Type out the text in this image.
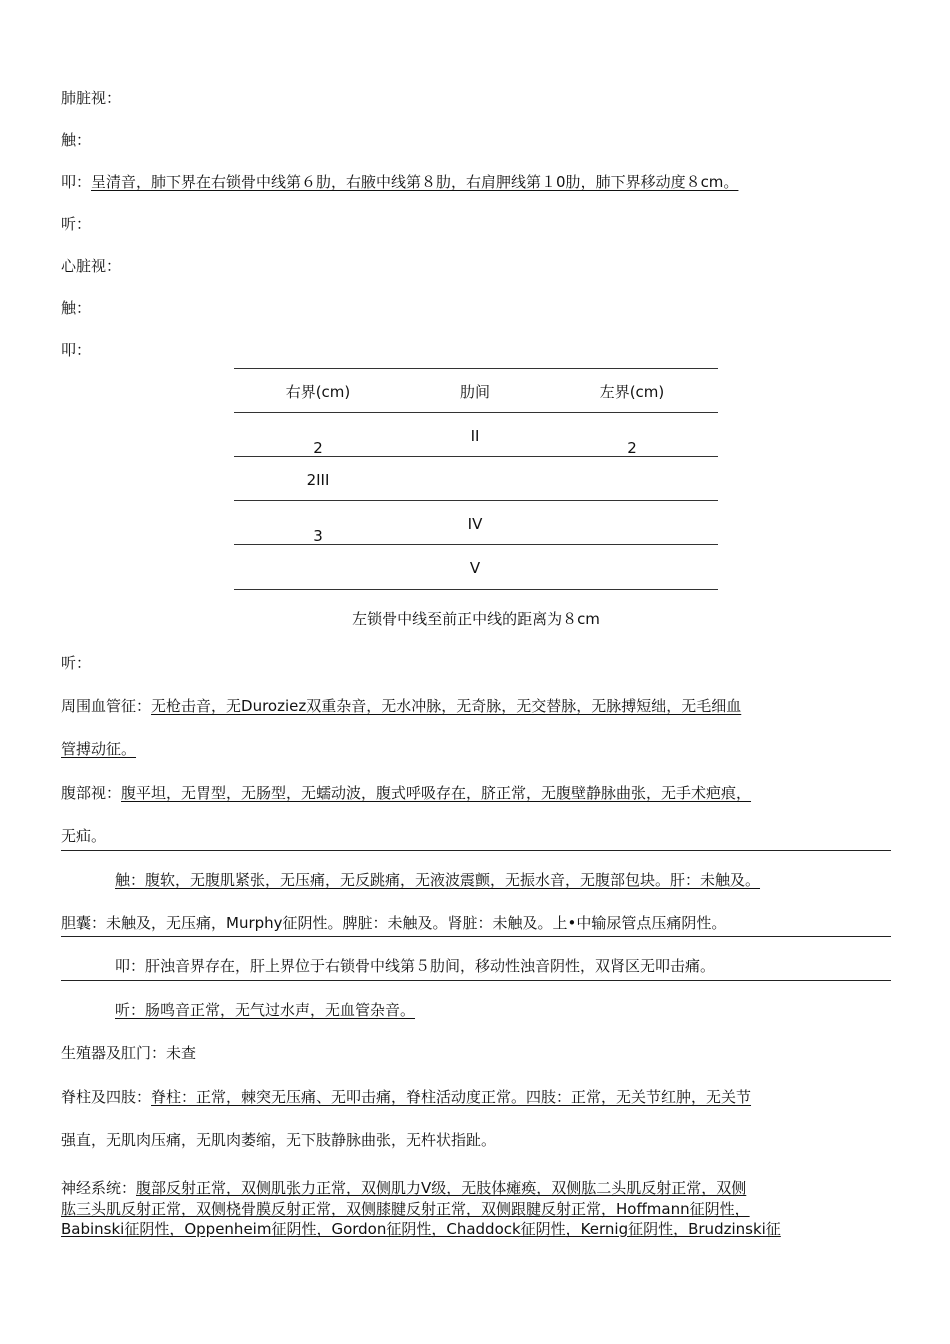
肺脏视：
触：
叩：呈清音，肺下界在右锁骨中线第６肋，右腋中线第８肋，右肩胛线第１0肋，肺下界移动度８cm。
听：
心脏视：
触：
叩：
右界(cm)	肋间	左界(cm)
2
II
2
2III
3
IV
V
左锁骨中线至前正中线的距离为８cm
听：
周围血管征：无枪击音，无Duroziez双重杂音，无水冲脉，无奇脉，无交替脉，无脉搏短绌，无毛细血
管搏动征。
腹部视：腹平坦，无胃型，无肠型，无蠕动波，腹式呼吸存在，脐正常，无腹壁静脉曲张，无手术疤痕，
无疝。
触：腹软，无腹肌紧张，无压痛，无反跳痛，无液波震颤，无振水音，无腹部包块。肝：未触及。
胆囊：未触及，无压痛，Murphy征阴性。脾脏：未触及。肾脏：未触及。上•中输尿管点压痛阴性。
叩：肝浊音界存在，肝上界位于右锁骨中线第５肋间，移动性浊音阴性，双肾区无叩击痛。
听：肠鸣音正常，无气过水声，无血管杂音。
生殖器及肛门：未查
脊柱及四肢：脊柱：正常，棘突无压痛、无叩击痛，脊柱活动度正常。四肢：正常，无关节红肿，无关节
强直，无肌肉压痛，无肌肉萎缩，无下肢静脉曲张，无杵状指趾。
神经系统：腹部反射正常，双侧肌张力正常，双侧肌力Ⅴ级，无肢体瘫痪，双侧肱二头肌反射正常，双侧
肱三头肌反射正常，双侧桡骨膜反射正常，双侧膝腱反射正常，双侧跟腱反射正常，Hoffmann征阴性，
Babinski征阴性，Oppenheim征阴性，Gordon征阴性，Chaddock征阴性，Kernig征阴性，Brudzinski征
